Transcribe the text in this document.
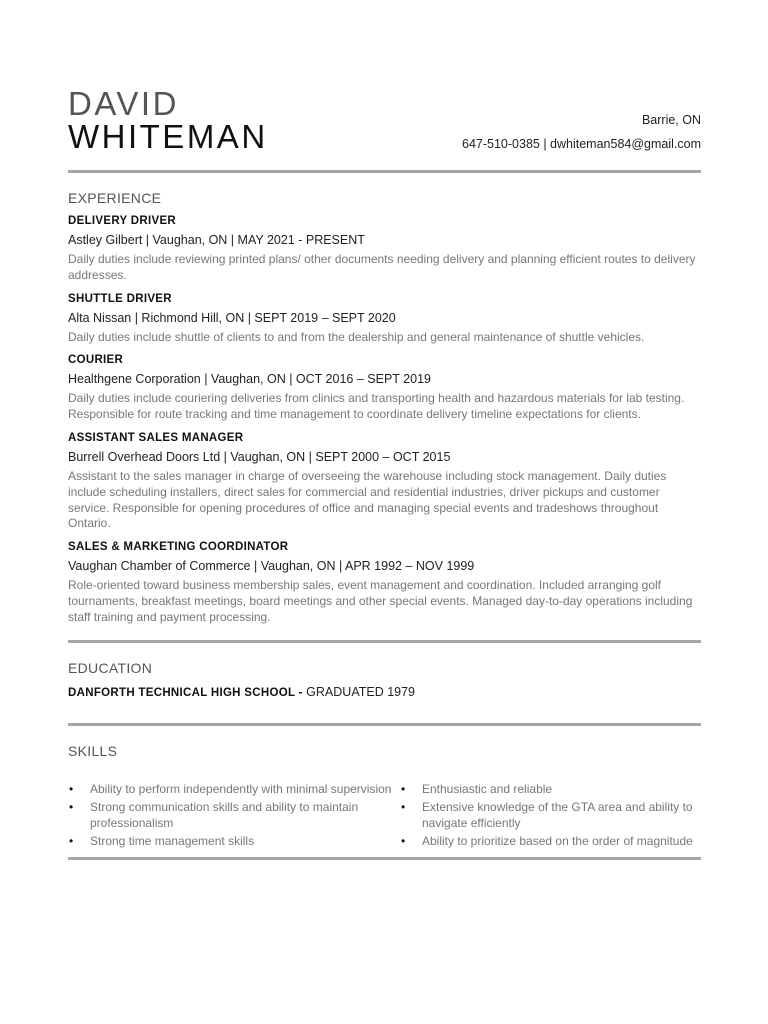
DAVID
WHITEMAN	Barrie, ON
647-510-0385 | dwhiteman584@gmail.com
EXPERIENCE
DELIVERY DRIVER
Astley Gilbert | Vaughan, ON | MAY 2021 - PRESENT
Daily duties include reviewing printed plans/ other documents needing delivery and planning efficient routes to delivery addresses.
SHUTTLE DRIVER
Alta Nissan | Richmond Hill, ON | SEPT 2019 – SEPT 2020
Daily duties include shuttle of clients to and from the dealership and general maintenance of shuttle vehicles.
COURIER
Healthgene Corporation | Vaughan, ON | OCT 2016 – SEPT 2019
Daily duties include couriering deliveries from clinics and transporting health and hazardous materials for lab testing. Responsible for route tracking and time management to coordinate delivery timeline expectations for clients.
ASSISTANT SALES MANAGER
Burrell Overhead Doors Ltd | Vaughan, ON | SEPT 2000 – OCT 2015
Assistant to the sales manager in charge of overseeing the warehouse including stock management. Daily duties include scheduling installers, direct sales for commercial and residential industries, driver pickups and customer service. Responsible for opening procedures of office and managing special events and tradeshows throughout Ontario.
SALES & MARKETING COORDINATOR
Vaughan Chamber of Commerce | Vaughan, ON | APR 1992 – NOV 1999
Role-oriented toward business membership sales, event management and coordination. Included arranging golf tournaments, breakfast meetings, board meetings and other special events. Managed day-to-day operations including staff training and payment processing.
EDUCATION
DANFORTH TECHNICAL HIGH SCHOOL - GRADUATED 1979
SKILLS
• Ability to perform independently with minimal supervision
• Strong communication skills and ability to maintain professionalism
• Strong time management skills
• Enthusiastic and reliable
• Extensive knowledge of the GTA area and ability to navigate efficiently
• Ability to prioritize based on the order of magnitude
